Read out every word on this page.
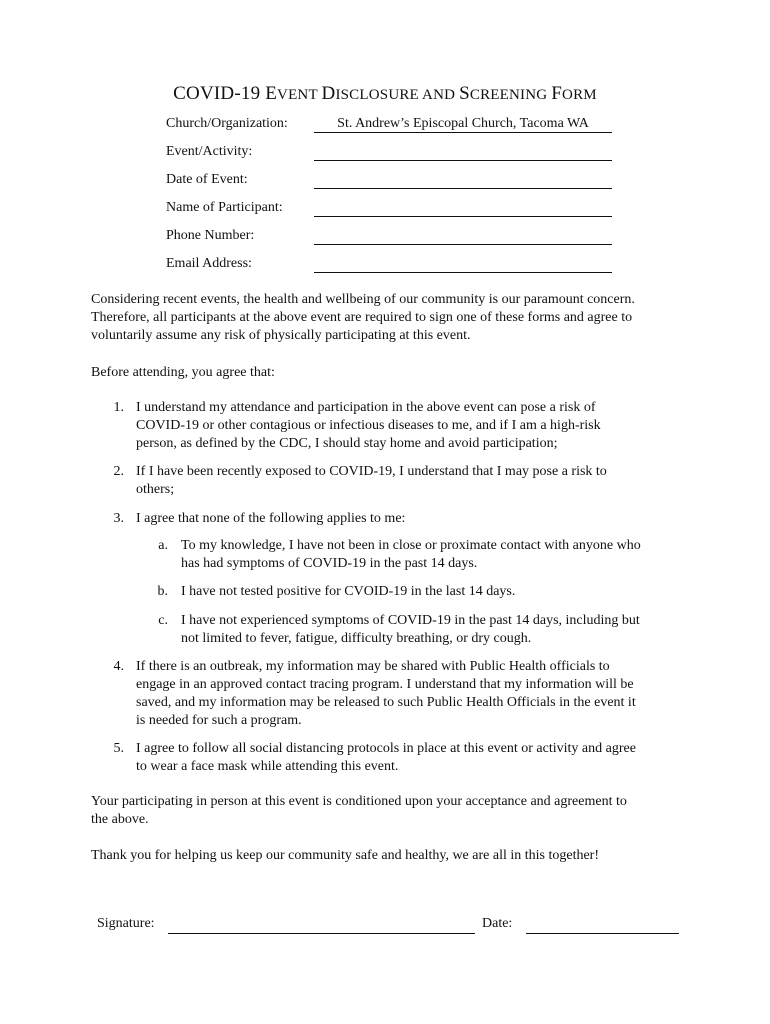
COVID-19 EVENT DISCLOSURE AND SCREENING FORM
Church/Organization:	St. Andrew’s Episcopal Church, Tacoma WA
Event/Activity:
Date of Event:
Name of Participant:
Phone Number:
Email Address:
Considering recent events, the health and wellbeing of our community is our paramount concern.
Therefore, all participants at the above event are required to sign one of these forms and agree to
voluntarily assume any risk of physically participating at this event.
Before attending, you agree that:
1. I understand my attendance and participation in the above event can pose a risk of
COVID-19 or other contagious or infectious diseases to me, and if I am a high-risk
person, as defined by the CDC, I should stay home and avoid participation;
2. If I have been recently exposed to COVID-19, I understand that I may pose a risk to
others;
3. I agree that none of the following applies to me:
a. To my knowledge, I have not been in close or proximate contact with anyone who
has had symptoms of COVID-19 in the past 14 days.
b. I have not tested positive for CVOID-19 in the last 14 days.
c. I have not experienced symptoms of COVID-19 in the past 14 days, including but
not limited to fever, fatigue, difficulty breathing, or dry cough.
4. If there is an outbreak, my information may be shared with Public Health officials to
engage in an approved contact tracing program. I understand that my information will be
saved, and my information may be released to such Public Health Officials in the event it
is needed for such a program.
5. I agree to follow all social distancing protocols in place at this event or activity and agree
to wear a face mask while attending this event.
Your participating in person at this event is conditioned upon your acceptance and agreement to
the above.
Thank you for helping us keep our community safe and healthy, we are all in this together!
Signature:	Date:
